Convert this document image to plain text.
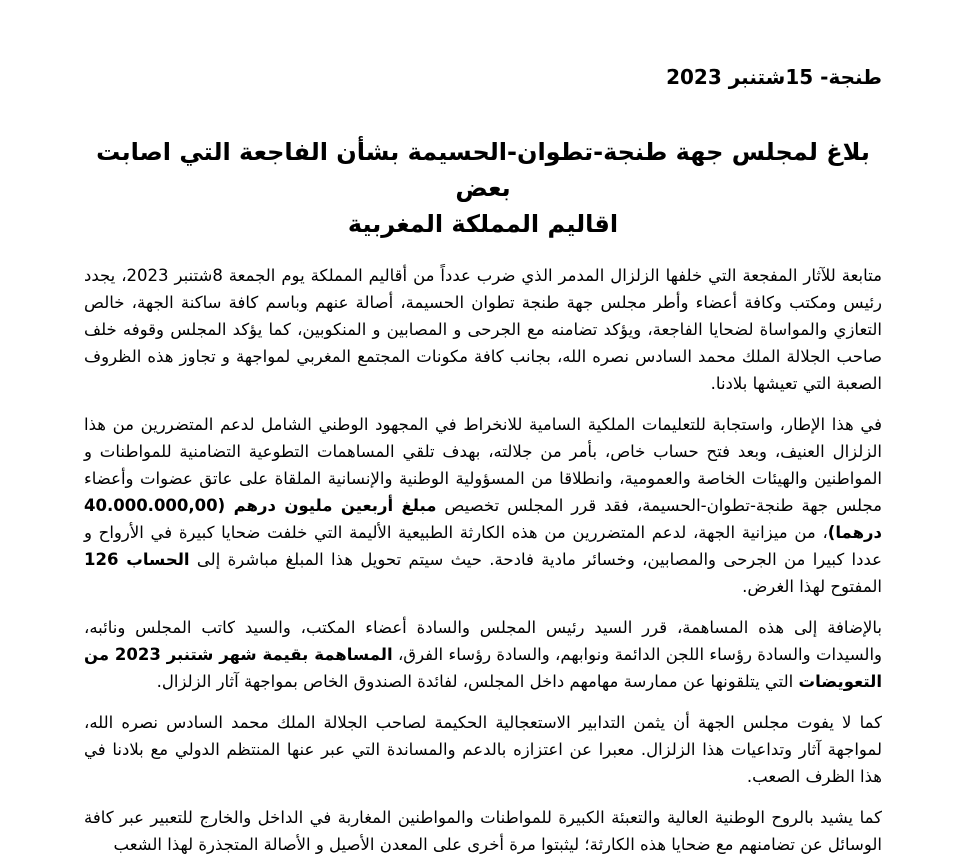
طنجة- 15شتنبر 2023
بلاغ لمجلس جهة طنجة-تطوان-الحسيمة بشأن الفاجعة التي اصابت بعض
اقاليم المملكة المغربية

متابعة للآثار المفجعة التي خلفها الزلزال المدمر الذي ضرب عدداً من أقاليم المملكة يوم الجمعة 8شتنبر 2023، يجدد رئيس ومكتب وكافة أعضاء وأطر مجلس جهة طنجة تطوان الحسيمة، أصالة عنهم وباسم كافة ساكنة الجهة، خالص التعازي والمواساة لضحايا الفاجعة، ويؤكد تضامنه مع الجرحى و المصابين و المنكوبين، كما يؤكد المجلس وقوفه خلف صاحب الجلالة الملك محمد السادس نصره الله، بجانب كافة مكونات المجتمع المغربي لمواجهة و تجاوز هذه الظروف الصعبة التي تعيشها بلادنا.

في هذا الإطار، واستجابة للتعليمات الملكية السامية للانخراط في المجهود الوطني الشامل لدعم المتضررين من هذا الزلزال العنيف، وبعد فتح حساب خاص، بأمر من جلالته، بهدف تلقي المساهمات التطوعية التضامنية للمواطنات و المواطنين والهيئات الخاصة والعمومية، وانطلاقا من المسؤولية الوطنية والإنسانية الملقاة على عاتق عضوات وأعضاء مجلس جهة طنجة-تطوان-الحسيمة، فقد قرر المجلس تخصيص مبلغ أربعين مليون درهم (40.000.000,00 درهما)، من ميزانية الجهة، لدعم المتضررين من هذه الكارثة الطبيعية الأليمة التي خلفت ضحايا كبيرة في الأرواح و عددا كبيرا من الجرحى والمصابين، وخسائر مادية فادحة. حيث سيتم تحويل هذا المبلغ مباشرة إلى الحساب 126 المفتوح لهذا الغرض.

بالإضافة إلى هذه المساهمة، قرر السيد رئيس المجلس والسادة أعضاء المكتب، والسيد كاتب المجلس ونائبه، والسيدات والسادة رؤساء اللجن الدائمة ونوابهم، والسادة رؤساء الفرق، المساهمة بقيمة شهر شتنبر 2023 من التعويضات التي يتلقونها عن ممارسة مهامهم داخل المجلس، لفائدة الصندوق الخاص بمواجهة آثار الزلزال.

كما لا يفوت مجلس الجهة أن يثمن التدابير الاستعجالية الحكيمة لصاحب الجلالة الملك محمد السادس نصره الله، لمواجهة آثار وتداعيات هذا الزلزال. معبرا عن اعتزازه بالدعم والمساندة التي عبر عنها المنتظم الدولي مع بلادنا في هذا الظرف الصعب.

كما يشيد بالروح الوطنية العالية والتعبئة الكبيرة للمواطنات والمواطنين المغاربة في الداخل والخارج للتعبير عبر كافة الوسائل عن تضامنهم مع ضحايا هذه الكارثة؛ ليثبتوا مرة أخرى على المعدن الأصيل و الأصالة المتجذرة لهذا الشعب
